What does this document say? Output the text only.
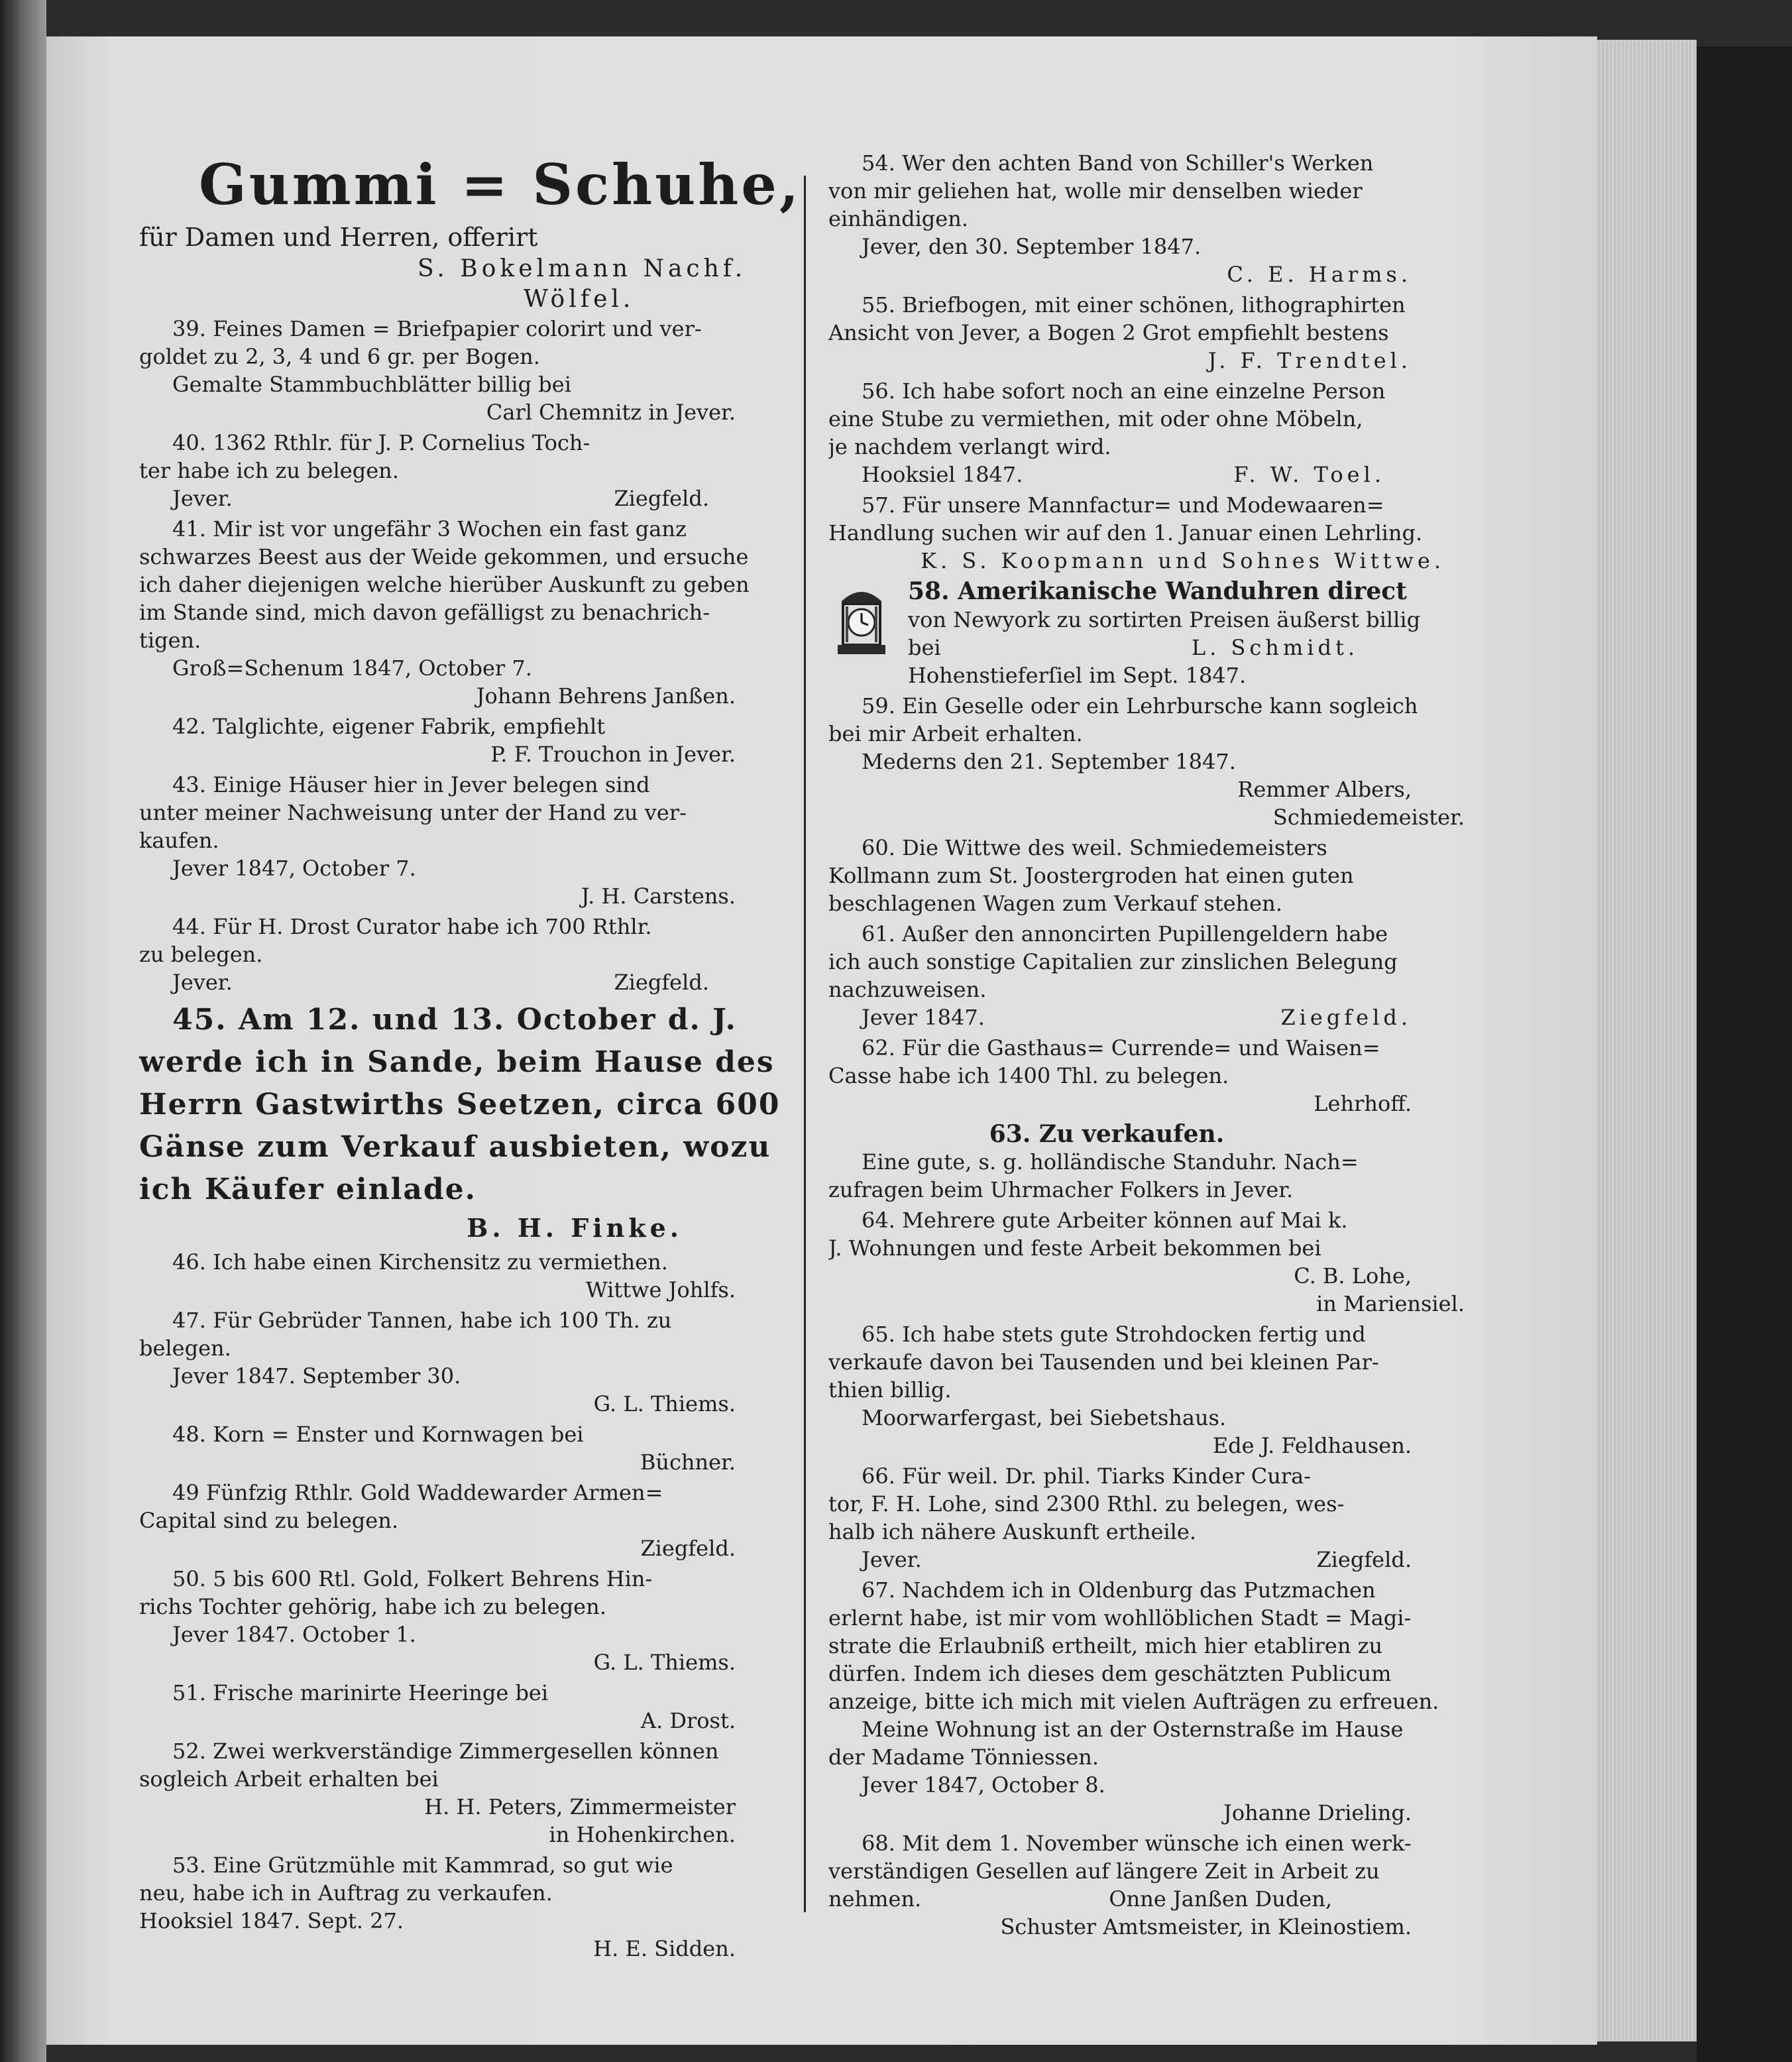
Gummi = Schuhe,
für Damen und Herren, offerirt
S. Bokelmann Nachf.
Wölfel.
39. Feines Damen = Briefpapier colorirt und ver-
goldet zu 2, 3, 4 und 6 gr. per Bogen.
Gemalte Stammbuchblätter billig bei
Carl Chemnitz in Jever.
40. 1362 Rthlr. für J. P. Cornelius Toch-
ter habe ich zu belegen.
Jever.	Ziegfeld.
41. Mir ist vor ungefähr 3 Wochen ein fast ganz
schwarzes Beest aus der Weide gekommen, und ersuche
ich daher diejenigen welche hierüber Auskunft zu geben
im Stande sind, mich davon gefälligst zu benachrich-
tigen.
Groß=Schenum 1847, October 7.
Johann Behrens Janßen.
42. Talglichte, eigener Fabrik, empfiehlt
P. F. Trouchon in Jever.
43. Einige Häuser hier in Jever belegen sind
unter meiner Nachweisung unter der Hand zu ver-
kaufen.
Jever 1847, October 7.
J. H. Carstens.
44. Für H. Drost Curator habe ich 700 Rthlr.
zu belegen.
Jever.	Ziegfeld.
45. Am 12. und 13. October d. J.
werde ich in Sande, beim Hause des
Herrn Gastwirths Seetzen, circa 600
Gänse zum Verkauf ausbieten, wozu
ich Käufer einlade.
B. H. Finke.
46. Ich habe einen Kirchensitz zu vermiethen.
Wittwe Johlfs.
47. Für Gebrüder Tannen, habe ich 100 Th. zu
belegen.
Jever 1847. September 30.
G. L. Thiems.
48. Korn = Enster und Kornwagen bei
Büchner.
49 Fünfzig Rthlr. Gold Waddewarder Armen=
Capital sind zu belegen.
Ziegfeld.
50. 5 bis 600 Rtl. Gold, Folkert Behrens Hin-
richs Tochter gehörig, habe ich zu belegen.
Jever 1847. October 1.
G. L. Thiems.
51. Frische marinirte Heeringe bei
A. Drost.
52. Zwei werkverständige Zimmergesellen können
sogleich Arbeit erhalten bei
H. H. Peters, Zimmermeister
in Hohenkirchen.
53. Eine Grützmühle mit Kammrad, so gut wie
neu, habe ich in Auftrag zu verkaufen.
Hooksiel 1847. Sept. 27.
H. E. Sidden.
54. Wer den achten Band von Schiller's Werken
von mir geliehen hat, wolle mir denselben wieder
einhändigen.
Jever, den 30. September 1847.
C. E. Harms.
55. Briefbogen, mit einer schönen, lithographirten
Ansicht von Jever, a Bogen 2 Grot empfiehlt bestens
J. F. Trendtel.
56. Ich habe sofort noch an eine einzelne Person
eine Stube zu vermiethen, mit oder ohne Möbeln,
je nachdem verlangt wird.
Hooksiel 1847.	F. W. Toel.
57. Für unsere Mannfactur= und Modewaaren=
Handlung suchen wir auf den 1. Januar einen Lehrling.
K. S. Koopmann und Sohnes Wittwe.
58. Amerikanische Wanduhren direct
von Newyork zu sortirten Preisen äußerst billig
bei	L. Schmidt.
Hohenstieferſiel im Sept. 1847.
59. Ein Geselle oder ein Lehrbursche kann sogleich
bei mir Arbeit erhalten.
Mederns den 21. September 1847.
Remmer Albers,
Schmiedemeister.
60. Die Wittwe des weil. Schmiedemeisters
Kollmann zum St. Joostergroden hat einen guten
beschlagenen Wagen zum Verkauf stehen.
61. Außer den annoncirten Pupillengeldern habe
ich auch sonstige Capitalien zur zinslichen Belegung
nachzuweisen.
Jever 1847.	Ziegfeld.
62. Für die Gasthaus= Currende= und Waisen=
Casse habe ich 1400 Thl. zu belegen.
Lehrhoff.
63. Zu verkaufen.
Eine gute, s. g. holländische Standuhr. Nach=
zufragen beim Uhrmacher Folkers in Jever.
64. Mehrere gute Arbeiter können auf Mai k.
J. Wohnungen und feste Arbeit bekommen bei
C. B. Lohe,
in Mariensiel.
65. Ich habe stets gute Strohdocken fertig und
verkaufe davon bei Tausenden und bei kleinen Par-
thien billig.
Moorwarfergast, bei Siebetshaus.
Ede J. Feldhausen.
66. Für weil. Dr. phil. Tiarks Kinder Cura-
tor, F. H. Lohe, sind 2300 Rthl. zu belegen, wes-
halb ich nähere Auskunft ertheile.
Jever.	Ziegfeld.
67. Nachdem ich in Oldenburg das Putzmachen
erlernt habe, ist mir vom wohllöblichen Stadt = Magi-
strate die Erlaubniß ertheilt, mich hier etabliren zu
dürfen. Indem ich dieses dem geschätzten Publicum
anzeige, bitte ich mich mit vielen Aufträgen zu erfreuen.
Meine Wohnung ist an der Osternstraße im Hause
der Madame Tönniessen.
Jever 1847, October 8.
Johanne Drieling.
68. Mit dem 1. November wünsche ich einen werk-
verständigen Gesellen auf längere Zeit in Arbeit zu
nehmen.	Onne Janßen Duden,
Schuster Amtsmeister, in Kleinostiem.
